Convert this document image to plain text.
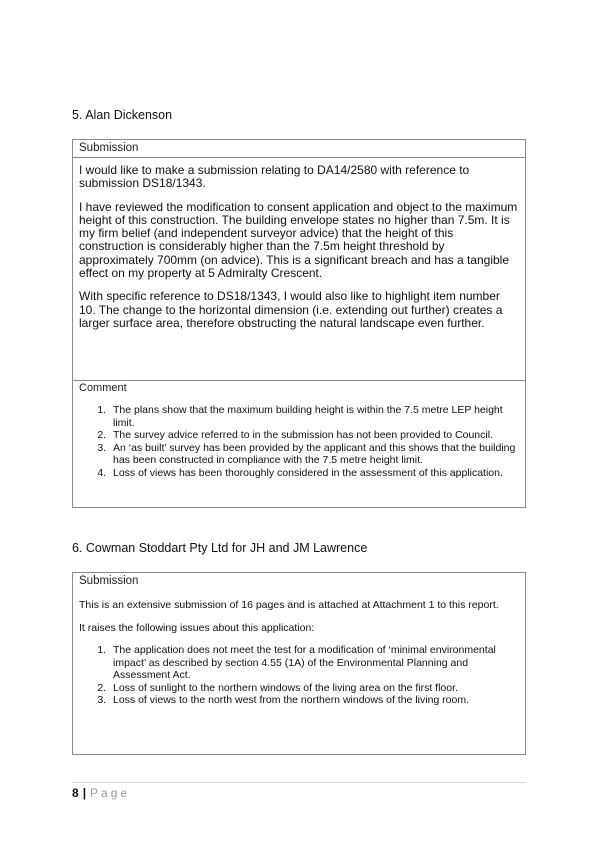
5. Alan Dickenson
Submission

I would like to make a submission relating to DA14/2580 with reference to submission DS18/1343.

I have reviewed the modification to consent application and object to the maximum height of this construction. The building envelope states no higher than 7.5m. It is my firm belief (and independent surveyor advice) that the height of this construction is considerably higher than the 7.5m height threshold by approximately 700mm (on advice). This is a significant breach and has a tangible effect on my property at 5 Admiralty Crescent.

With specific reference to DS18/1343, I would also like to highlight item number 10. The change to the horizontal dimension (i.e. extending out further) creates a larger surface area, therefore obstructing the natural landscape even further.

Comment
1. The plans show that the maximum building height is within the 7.5 metre LEP height limit.
2. The survey advice referred to in the submission has not been provided to Council.
3. An ‘as built’ survey has been provided by the applicant and this shows that the building has been constructed in compliance with the 7.5 metre height limit.
4. Loss of views has been thoroughly considered in the assessment of this application.
6. Cowman Stoddart Pty Ltd for JH and JM Lawrence
Submission

This is an extensive submission of 16 pages and is attached at Attachment 1 to this report.

It raises the following issues about this application:

1. The application does not meet the test for a modification of ‘minimal environmental impact’ as described by section 4.55 (1A) of the Environmental Planning and Assessment Act.
2. Loss of sunlight to the northern windows of the living area on the first floor.
3. Loss of views to the north west from the northern windows of the living room.
8 | Page
